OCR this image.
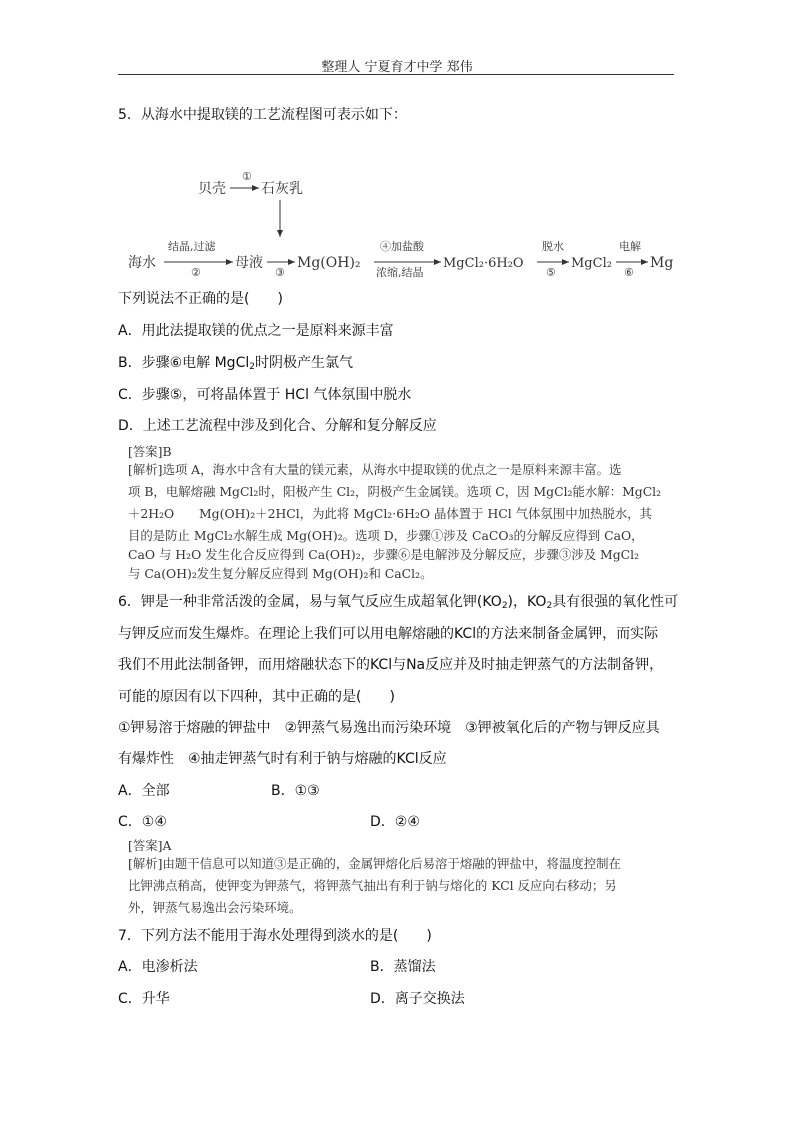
整理人 宁夏育才中学 郑伟
5．从海水中提取镁的工艺流程图可表示如下：
贝壳
①
石灰乳
海水
结晶,过滤
②
母液
③
Mg(OH)₂
④加盐酸
浓缩,结晶
MgCl₂·6H₂O
脱水
⑤
MgCl₂
电解
⑥
Mg
下列说法不正确的是(　　)
A．用此法提取镁的优点之一是原料来源丰富
B．步骤⑥电解 MgCl$_2$时阴极产生氯气
C．步骤⑤，可将晶体置于 HCl 气体氛围中脱水
D．上述工艺流程中涉及到化合、分解和复分解反应
[答案]B
[解析]选项 A，海水中含有大量的镁元素，从海水中提取镁的优点之一是原料来源丰富。选
项 B，电解熔融 MgCl₂时，阳极产生 Cl₂，阴极产生金属镁。选项 C，因 MgCl₂能水解：MgCl₂
＋2H₂O　　Mg(OH)₂＋2HCl，为此将 MgCl₂·6H₂O 晶体置于 HCl 气体氛围中加热脱水，其
目的是防止 MgCl₂水解生成 Mg(OH)₂。选项 D，步骤①涉及 CaCO₃的分解反应得到 CaO，
CaO 与 H₂O 发生化合反应得到 Ca(OH)₂，步骤⑥是电解涉及分解反应，步骤③涉及 MgCl₂
与 Ca(OH)₂发生复分解反应得到 Mg(OH)₂和 CaCl₂。
6．钾是一种非常活泼的金属，易与氧气反应生成超氧化钾$(KO_2)$，$KO_2$具有很强的氧化性可
与钾反应而发生爆炸。在理论上我们可以用电解熔融的KCl的方法来制备金属钾，而实际
我们不用此法制备钾，而用熔融状态下的KCl与Na反应并及时抽走钾蒸气的方法制备钾，
可能的原因有以下四种，其中正确的是(　　)
①钾易溶于熔融的钾盐中　②钾蒸气易逸出而污染环境　③钾被氧化后的产物与钾反应具
有爆炸性　④抽走钾蒸气时有利于钠与熔融的KCl反应
A．全部	B．①③
C．①④	D．②④
[答案]A
[解析]由题干信息可以知道③是正确的，金属钾熔化后易溶于熔融的钾盐中，将温度控制在
比钾沸点稍高，使钾变为钾蒸气，将钾蒸气抽出有利于钠与熔化的 KCl 反应向右移动；另
外，钾蒸气易逸出会污染环境。
7．下列方法不能用于海水处理得到淡水的是(　　)
A．电渗析法	B．蒸馏法
C．升华	D．离子交换法
